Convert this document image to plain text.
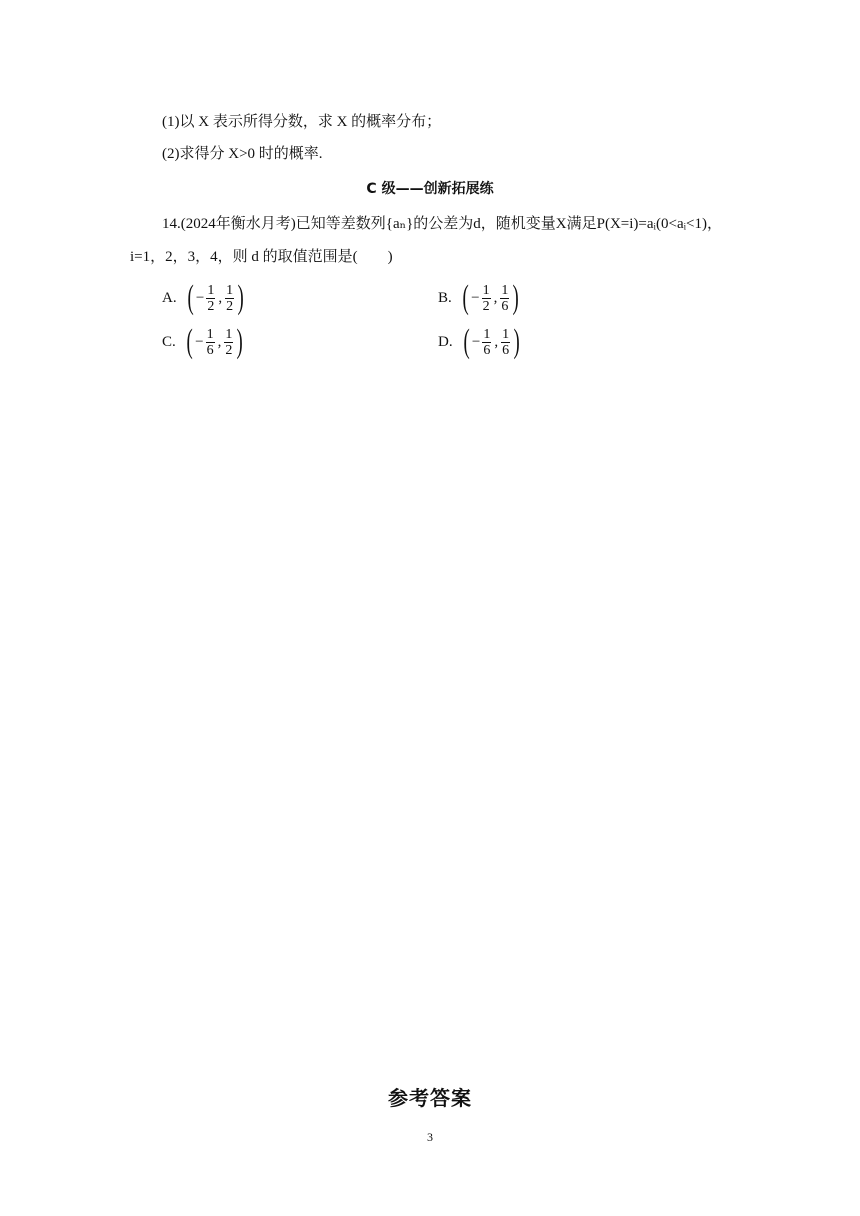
(1)以 X 表示所得分数，求 X 的概率分布；
(2)求得分 X>0 时的概率.
C 级——创新拓展练
14.(2024年衡水月考)已知等差数列{aₙ}的公差为d，随机变量X满足P(X=i)=aᵢ(0<aᵢ<1)，
i=1，2，3，4，则 d 的取值范围是(　　)
A. ( − $\frac{1}{2}$ , $\frac{1}{2}$ )	B. ( − $\frac{1}{2}$ , $\frac{1}{6}$ )
C. ( − $\frac{1}{6}$ , $\frac{1}{2}$ )	D. ( − $\frac{1}{6}$ , $\frac{1}{6}$ )
参考答案
3
